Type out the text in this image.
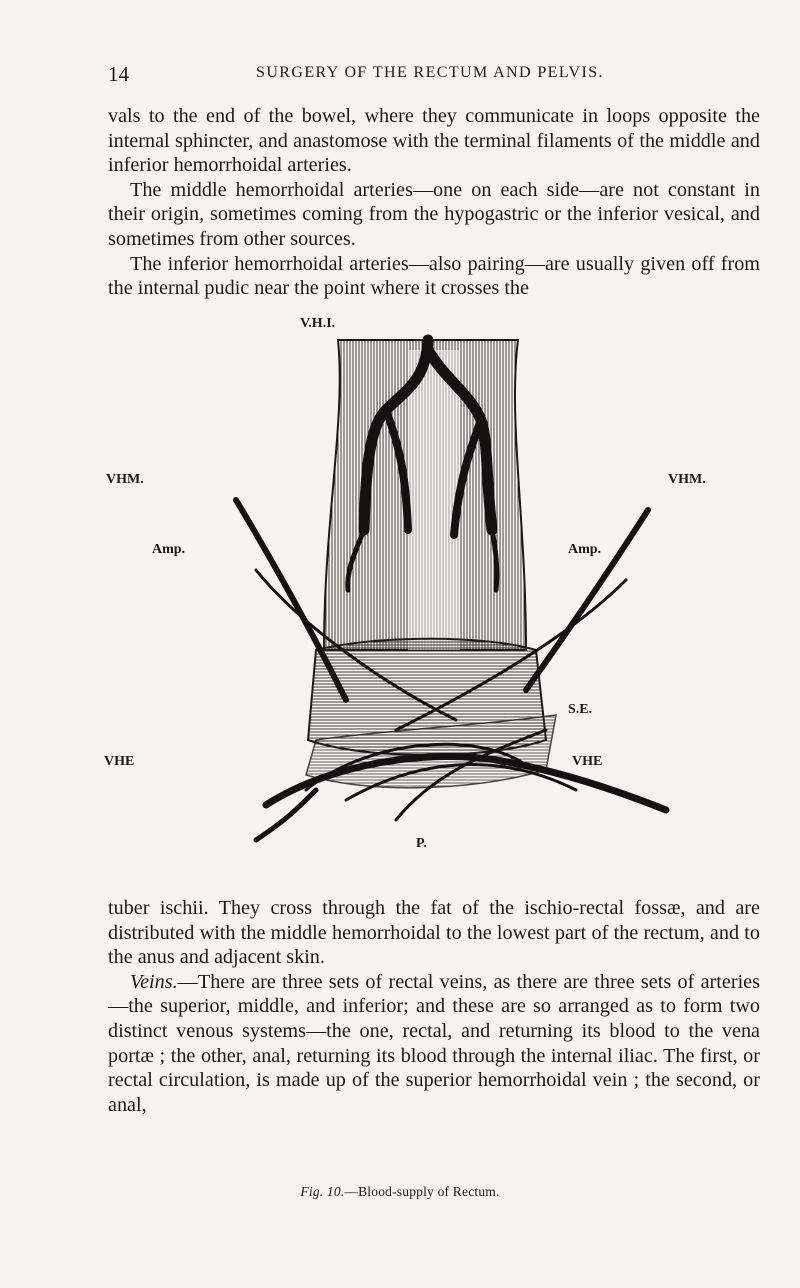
14	SURGERY OF THE RECTUM AND PELVIS.

vals to the end of the bowel, where they communicate in loops opposite the internal sphincter, and anastomose with the terminal filaments of the middle and inferior hemorrhoidal arteries.

The middle hemorrhoidal arteries—one on each side—are not constant in their origin, sometimes coming from the hypogastric or the inferior vesical, and sometimes from other sources.

The inferior hemorrhoidal arteries—also pairing—are usually given off from the internal pudic near the point where it crosses the

V.H.I.
VHM.	VHM.
Amp.	Amp.
S.E.
VHE	VHE
P.
Fig. 10.—Blood-supply of Rectum.

tuber ischii. They cross through the fat of the ischio-rectal fossæ, and are distributed with the middle hemorrhoidal to the lowest part of the rectum, and to the anus and adjacent skin.

Veins.—There are three sets of rectal veins, as there are three sets of arteries—the superior, middle, and inferior; and these are so arranged as to form two distinct venous systems—the one, rectal, and returning its blood to the vena portæ ; the other, anal, returning its blood through the internal iliac. The first, or rectal circulation, is made up of the superior hemorrhoidal vein ; the second, or anal,
